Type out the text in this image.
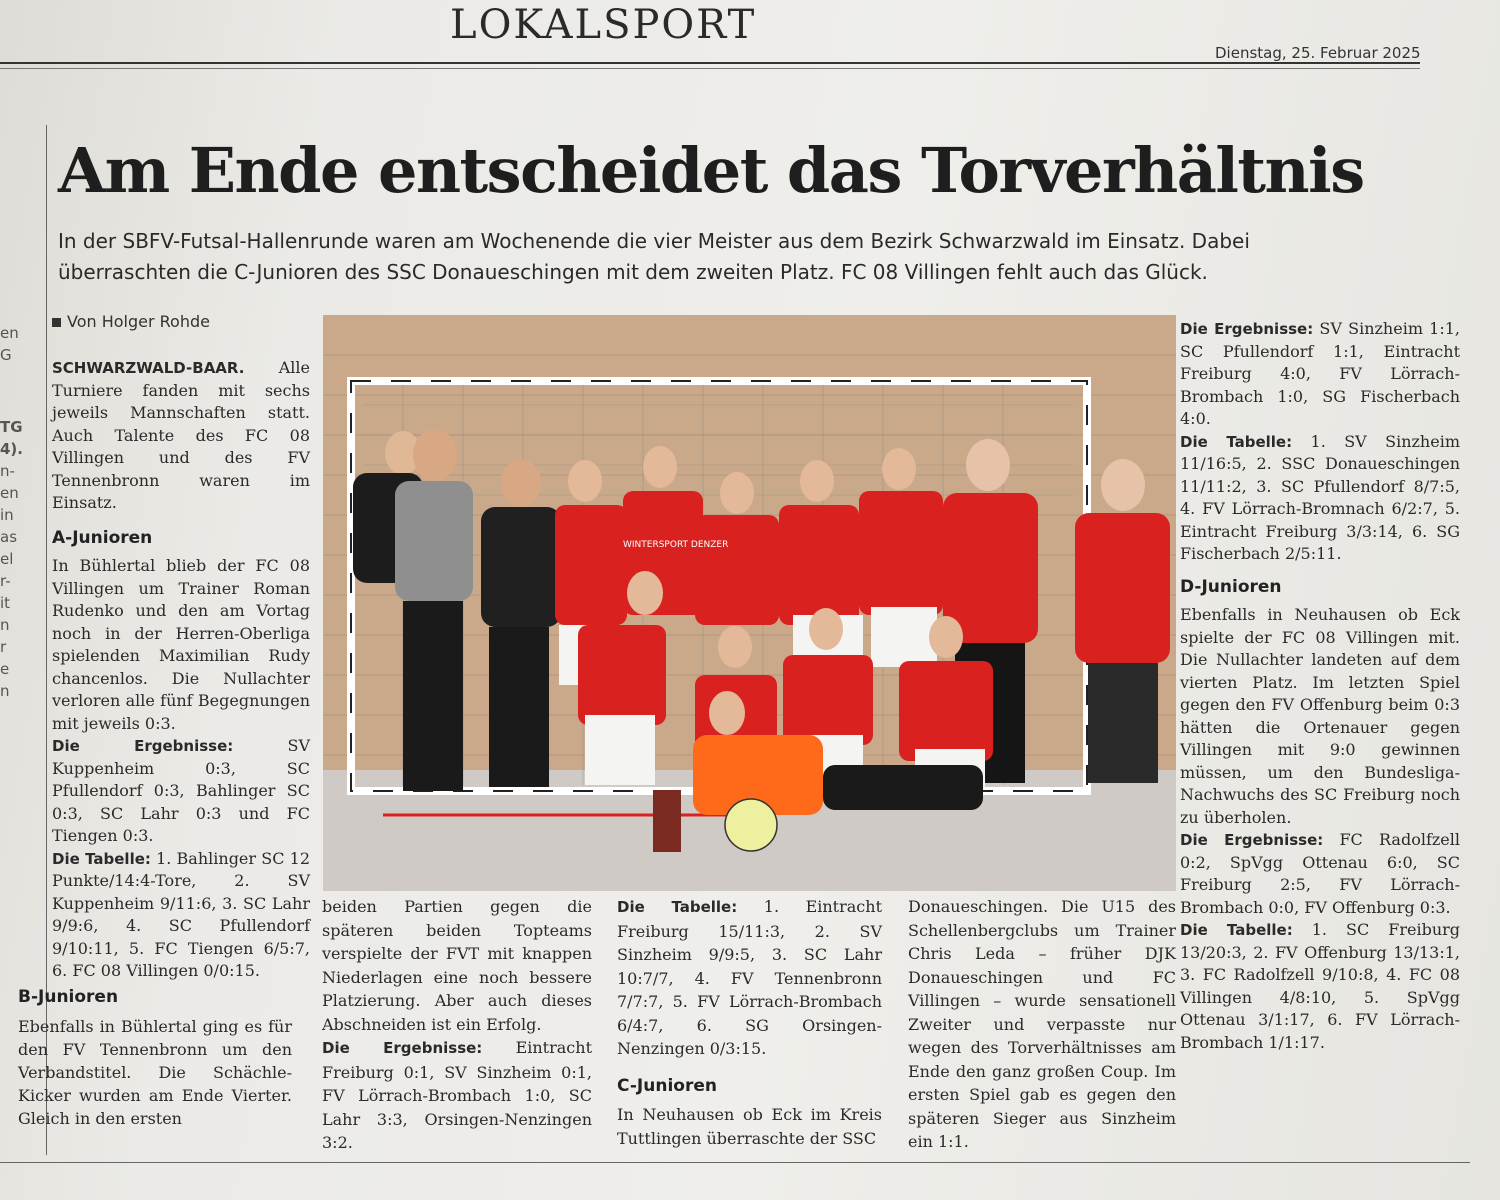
LOKALSPORT
Dienstag, 25. Februar 2025
en
G
TG
4).
n-
en
in
as
el
r-
it
n
r
e
n
Am Ende entscheidet das Torverhältnis
In der SBFV-Futsal-Hallenrunde waren am Wochenende die vier Meister aus dem Bezirk Schwarzwald im Einsatz. Dabei überraschten die C-Junioren des SSC Donaueschingen mit dem zweiten Platz. FC 08 Villingen fehlt auch das Glück.
Von Holger Rohde

SCHWARZWALD-BAAR. Alle Turniere fanden mit sechs jeweils Mannschaften statt. Auch Talente des FC 08 Villingen und des FV Tennenbronn waren im Einsatz.

A-Junioren

In Bühlertal blieb der FC 08 Villingen um Trainer Roman Rudenko und den am Vortag noch in der Herren-Oberliga spielenden Maximilian Rudy chancenlos. Die Nullachter verloren alle fünf Begegnungen mit jeweils 0:3.

Die Ergebnisse: SV Kuppenheim 0:3, SC Pfullendorf 0:3, Bahlinger SC 0:3, SC Lahr 0:3 und FC Tiengen 0:3.

Die Tabelle: 1. Bahlinger SC 12 Punkte/14:4-Tore, 2. SV Kuppenheim 9/11:6, 3. SC Lahr 9/9:6, 4. SC Pfullendorf 9/10:11, 5. FC Tiengen 6/5:7, 6. FC 08 Villingen 0/0:15.

B-Junioren

Ebenfalls in Bühlertal ging es für den FV Tennenbronn um den Verbandstitel. Die Schächle-Kicker wurden am Ende Vierter. Gleich in den ersten

WINTERSPORT DENZER

beiden Partien gegen die späteren beiden Topteams verspielte der FVT mit knappen Niederlagen eine noch bessere Platzierung. Aber auch dieses Abschneiden ist ein Erfolg.

Die Ergebnisse: Eintracht Freiburg 0:1, SV Sinzheim 0:1, FV Lörrach-Brombach 1:0, SC Lahr 3:3, Orsingen-Nenzingen 3:2.

Die Tabelle: 1. Eintracht Freiburg 15/11:3, 2. SV Sinzheim 9/9:5, 3. SC Lahr 10:7/7, 4. FV Tennenbronn 7/7:7, 5. FV Lörrach-Brombach 6/4:7, 6. SG Orsingen-Nenzingen 0/3:15.

C-Junioren

In Neuhausen ob Eck im Kreis Tuttlingen überraschte der SSC

Donaueschingen. Die U15 des Schellenbergclubs um Trainer Chris Leda – früher DJK Donaueschingen und FC Villingen – wurde sensationell Zweiter und verpasste nur wegen des Torverhältnisses am Ende den ganz großen Coup. Im ersten Spiel gab es gegen den späteren Sieger aus Sinzheim ein 1:1.

Die Ergebnisse: SV Sinzheim 1:1, SC Pfullendorf 1:1, Eintracht Freiburg 4:0, FV Lörrach-Brombach 1:0, SG Fischerbach 4:0.

Die Tabelle: 1. SV Sinzheim 11/16:5, 2. SSC Donaueschingen 11/11:2, 3. SC Pfullendorf 8/7:5, 4. FV Lörrach-Bromnach 6/2:7, 5. Eintracht Freiburg 3/3:14, 6. SG Fischerbach 2/5:11.

D-Junioren

Ebenfalls in Neuhausen ob Eck spielte der FC 08 Villingen mit. Die Nullachter landeten auf dem vierten Platz. Im letzten Spiel gegen den FV Offenburg beim 0:3 hätten die Ortenauer gegen Villingen mit 9:0 gewinnen müssen, um den Bundesliga-Nachwuchs des SC Freiburg noch zu überholen.

Die Ergebnisse: FC Radolfzell 0:2, SpVgg Ottenau 6:0, SC Freiburg 2:5, FV Lörrach-Brombach 0:0, FV Offenburg 0:3.

Die Tabelle: 1. SC Freiburg 13/20:3, 2. FV Offenburg 13/13:1, 3. FC Radolfzell 9/10:8, 4. FC 08 Villingen 4/8:10, 5. SpVgg Ottenau 3/1:17, 6. FV Lörrach-Brombach 1/1:17.
